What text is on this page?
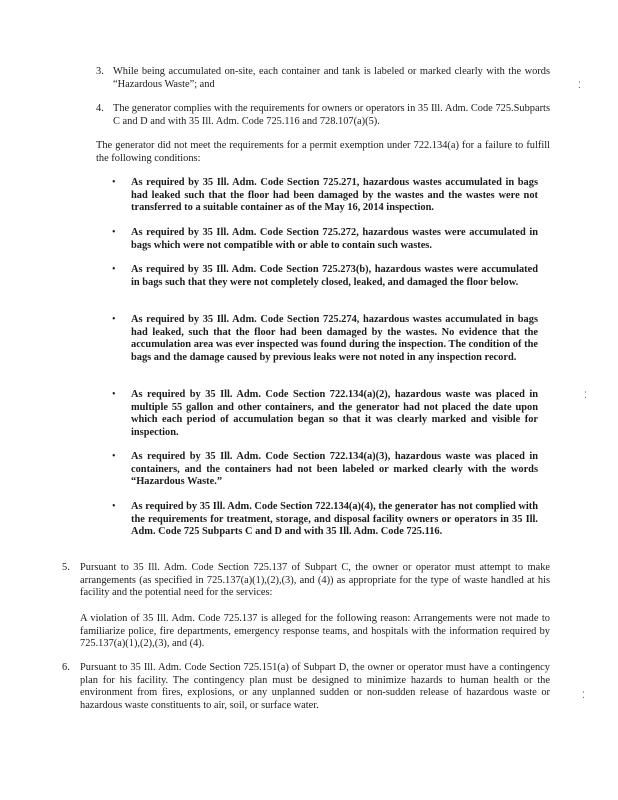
3. While being accumulated on-site, each container and tank is labeled or marked clearly with the words “Hazardous Waste”; and

4. The generator complies with the requirements for owners or operators in 35 Ill. Adm. Code 725.Subparts C and D and with 35 Ill. Adm. Code 725.116 and 728.107(a)(5).

The generator did not meet the requirements for a permit exemption under 722.134(a) for a failure to fulfill the following conditions:

• As required by 35 Ill. Adm. Code Section 725.271, hazardous wastes accumulated in bags had leaked such that the floor had been damaged by the wastes and the wastes were not transferred to a suitable container as of the May 16, 2014 inspection.

• As required by 35 Ill. Adm. Code Section 725.272, hazardous wastes were accumulated in bags which were not compatible with or able to contain such wastes.

• As required by 35 Ill. Adm. Code Section 725.273(b), hazardous wastes were accumulated in bags such that they were not completely closed, leaked, and damaged the floor below.

• As required by 35 Ill. Adm. Code Section 725.274, hazardous wastes accumulated in bags had leaked, such that the floor had been damaged by the wastes. No evidence that the accumulation area was ever inspected was found during the inspection. The condition of the bags and the damage caused by previous leaks were not noted in any inspection record.

• As required by 35 Ill. Adm. Code Section 722.134(a)(2), hazardous waste was placed in multiple 55 gallon and other containers, and the generator had not placed the date upon which each period of accumulation began so that it was clearly marked and visible for inspection.

• As required by 35 Ill. Adm. Code Section 722.134(a)(3), hazardous waste was placed in containers, and the containers had not been labeled or marked clearly with the words “Hazardous Waste.”

• As required by 35 Ill. Adm. Code Section 722.134(a)(4), the generator has not complied with the requirements for treatment, storage, and disposal facility owners or operators in 35 Ill. Adm. Code 725 Subparts C and D and with 35 Ill. Adm. Code 725.116.

5. Pursuant to 35 Ill. Adm. Code Section 725.137 of Subpart C, the owner or operator must attempt to make arrangements (as specified in 725.137(a)(1),(2),(3), and (4)) as appropriate for the type of waste handled at his facility and the potential need for the services:

A violation of 35 Ill. Adm. Code 725.137 is alleged for the following reason: Arrangements were not made to familiarize police, fire departments, emergency response teams, and hospitals with the information required by 725.137(a)(1),(2),(3), and (4).

6. Pursuant to 35 Ill. Adm. Code Section 725.151(a) of Subpart D, the owner or operator must have a contingency plan for his facility. The contingency plan must be designed to minimize hazards to human health or the environment from fires, explosions, or any unplanned sudden or non-sudden release of hazardous waste or hazardous waste constituents to air, soil, or surface water.

⁚
⁚
⁚
